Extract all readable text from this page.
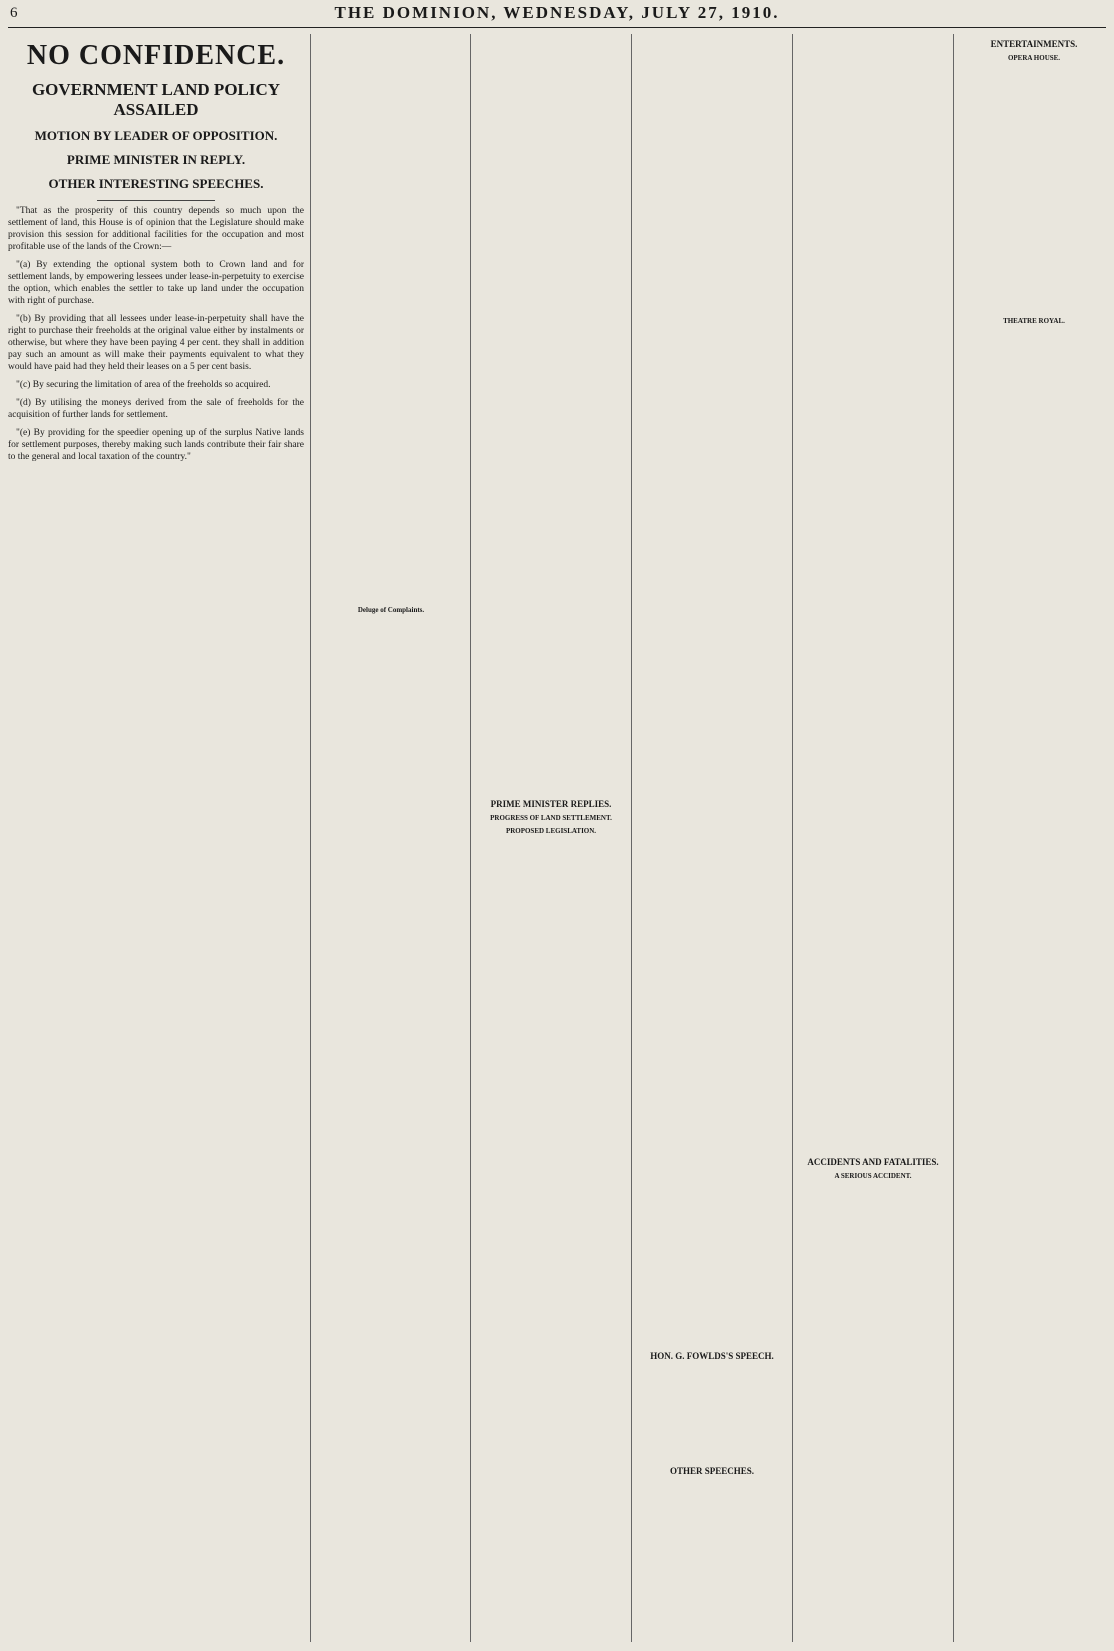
6	THE DOMINION, WEDNESDAY, JULY 27, 1910.
NO CONFIDENCE.
GOVERNMENT LAND POLICY ASSAILED
MOTION BY LEADER OF OPPOSITION.
PRIME MINISTER IN REPLY.
OTHER INTERESTING SPEECHES.

"That as the prosperity of this country depends so much upon the settlement of land, this House is of opinion that the Legislature should make provision this session for additional facilities for the occupation and most profitable use of the lands of the Crown:—

"(a) By extending the optional system both to Crown land and for settlement lands, by empowering lessees under lease-in-perpetuity to exercise the option, which enables the settler to take up land under the occupation with right of purchase.

"(b) By providing that all lessees under lease-in-perpetuity shall have the right to purchase their freeholds at the original value either by instalments or otherwise, but where they have been paying 4 per cent. they shall in addition pay such an amount as will make their payments equivalent to what they would have paid had they held their leases on a 5 per cent basis.

"(c) By securing the limitation of area of the freeholds so acquired.

"(d) By utilising the moneys derived from the sale of freeholds for the acquisition of further lands for settlement.

"(e) By providing for the speedier opening up of the surplus Native lands for settlement purposes, thereby making such lands contribute their fair share to the general and local taxation of the country."

Deluge of Complaints.
PRIME MINISTER REPLIES.
PROGRESS OF LAND SETTLEMENT.
PROPOSED LEGISLATION.
HON. G. FOWLDS'S SPEECH.
OTHER SPEECHES.
ACCIDENTS AND FATALITIES.
A SERIOUS ACCIDENT.
ENTERTAINMENTS.
OPERA HOUSE.
THEATRE ROYAL.
